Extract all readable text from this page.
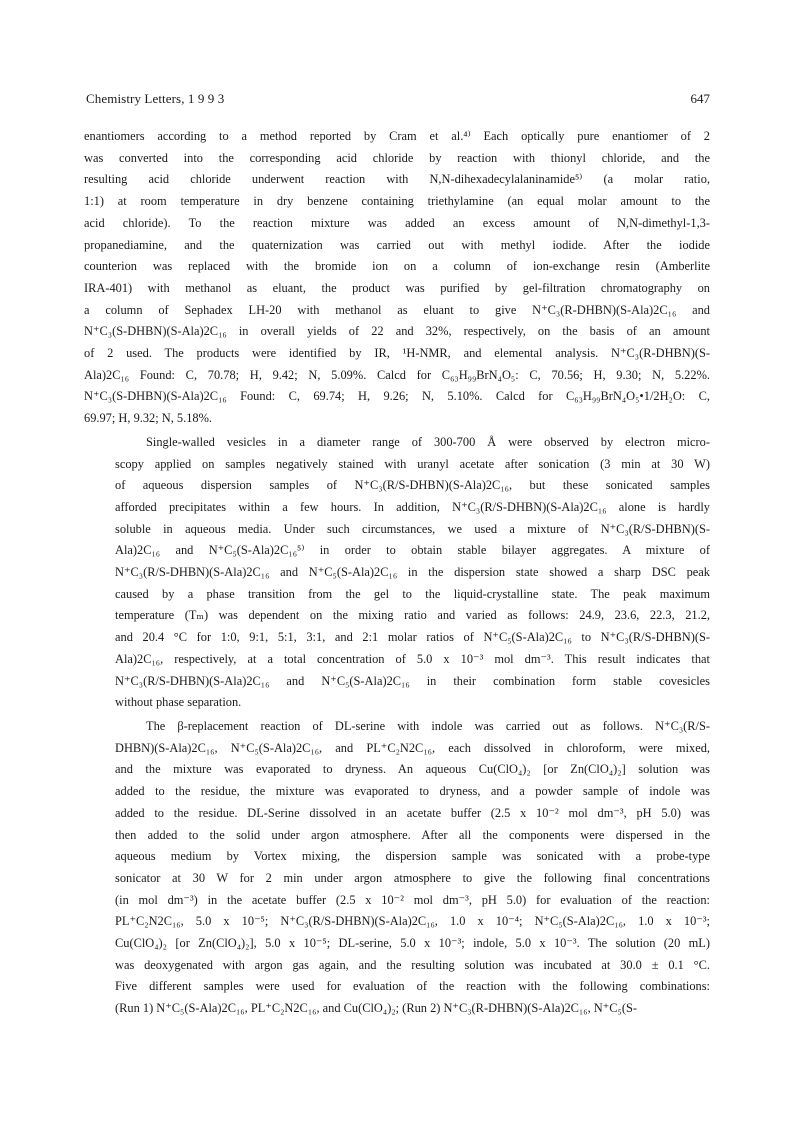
Chemistry Letters, 1 9 9 3	647

enantiomers according to a method reported by Cram et al.⁴⁾ Each optically pure enantiomer of 2
was converted into the corresponding acid chloride by reaction with thionyl chloride, and the
resulting acid chloride underwent reaction with N,N-dihexadecylalaninamide⁵⁾ (a molar ratio,
1:1) at room temperature in dry benzene containing triethylamine (an equal molar amount to the
acid chloride). To the reaction mixture was added an excess amount of N,N-dimethyl-1,3-
propanediamine, and the quaternization was carried out with methyl iodide. After the iodide
counterion was replaced with the bromide ion on a column of ion-exchange resin (Amberlite
IRA-401) with methanol as eluant, the product was purified by gel-filtration chromatography on
a column of Sephadex LH-20 with methanol as eluant to give N⁺C₃(R-DHBN)(S-Ala)2C₁₆ and
N⁺C₃(S-DHBN)(S-Ala)2C₁₆ in overall yields of 22 and 32%, respectively, on the basis of an amount
of 2 used. The products were identified by IR, ¹H-NMR, and elemental analysis. N⁺C₃(R-DHBN)(S-
Ala)2C₁₆ Found: C, 70.78; H, 9.42; N, 5.09%. Calcd for C₆₃H₉₉BrN₄O₅: C, 70.56; H, 9.30; N, 5.22%.
N⁺C₃(S-DHBN)(S-Ala)2C₁₆ Found: C, 69.74; H, 9.26; N, 5.10%. Calcd for C₆₃H₉₉BrN₄O₅•1/2H₂O: C,
69.97; H, 9.32; N, 5.18%.

Single-walled vesicles in a diameter range of 300-700 Å were observed by electron micro-
scopy applied on samples negatively stained with uranyl acetate after sonication (3 min at 30 W)
of aqueous dispersion samples of N⁺C₃(R/S-DHBN)(S-Ala)2C₁₆, but these sonicated samples
afforded precipitates within a few hours. In addition, N⁺C₃(R/S-DHBN)(S-Ala)2C₁₆ alone is hardly
soluble in aqueous media. Under such circumstances, we used a mixture of N⁺C₃(R/S-DHBN)(S-
Ala)2C₁₆ and N⁺C₅(S-Ala)2C₁₆⁵⁾ in order to obtain stable bilayer aggregates. A mixture of
N⁺C₃(R/S-DHBN)(S-Ala)2C₁₆ and N⁺C₅(S-Ala)2C₁₆ in the dispersion state showed a sharp DSC peak
caused by a phase transition from the gel to the liquid-crystalline state. The peak maximum
temperature (Tₘ) was dependent on the mixing ratio and varied as follows: 24.9, 23.6, 22.3, 21.2,
and 20.4 °C for 1:0, 9:1, 5:1, 3:1, and 2:1 molar ratios of N⁺C₅(S-Ala)2C₁₆ to N⁺C₃(R/S-DHBN)(S-
Ala)2C₁₆, respectively, at a total concentration of 5.0 x 10⁻³ mol dm⁻³. This result indicates that
N⁺C₃(R/S-DHBN)(S-Ala)2C₁₆ and N⁺C₅(S-Ala)2C₁₆ in their combination form stable covesicles
without phase separation.

The β-replacement reaction of DL-serine with indole was carried out as follows. N⁺C₃(R/S-
DHBN)(S-Ala)2C₁₆, N⁺C₅(S-Ala)2C₁₆, and PL⁺C₂N2C₁₆, each dissolved in chloroform, were mixed,
and the mixture was evaporated to dryness. An aqueous Cu(ClO₄)₂ [or Zn(ClO₄)₂] solution was
added to the residue, the mixture was evaporated to dryness, and a powder sample of indole was
added to the residue. DL-Serine dissolved in an acetate buffer (2.5 x 10⁻² mol dm⁻³, pH 5.0) was
then added to the solid under argon atmosphere. After all the components were dispersed in the
aqueous medium by Vortex mixing, the dispersion sample was sonicated with a probe-type
sonicator at 30 W for 2 min under argon atmosphere to give the following final concentrations
(in mol dm⁻³) in the acetate buffer (2.5 x 10⁻² mol dm⁻³, pH 5.0) for evaluation of the reaction:
PL⁺C₂N2C₁₆, 5.0 x 10⁻⁵; N⁺C₃(R/S-DHBN)(S-Ala)2C₁₆, 1.0 x 10⁻⁴; N⁺C₅(S-Ala)2C₁₆, 1.0 x 10⁻³;
Cu(ClO₄)₂ [or Zn(ClO₄)₂], 5.0 x 10⁻⁵; DL-serine, 5.0 x 10⁻³; indole, 5.0 x 10⁻³. The solution (20 mL)
was deoxygenated with argon gas again, and the resulting solution was incubated at 30.0 ± 0.1 °C.
Five different samples were used for evaluation of the reaction with the following combinations:
(Run 1) N⁺C₅(S-Ala)2C₁₆, PL⁺C₂N2C₁₆, and Cu(ClO₄)₂; (Run 2) N⁺C₃(R-DHBN)(S-Ala)2C₁₆, N⁺C₅(S-
